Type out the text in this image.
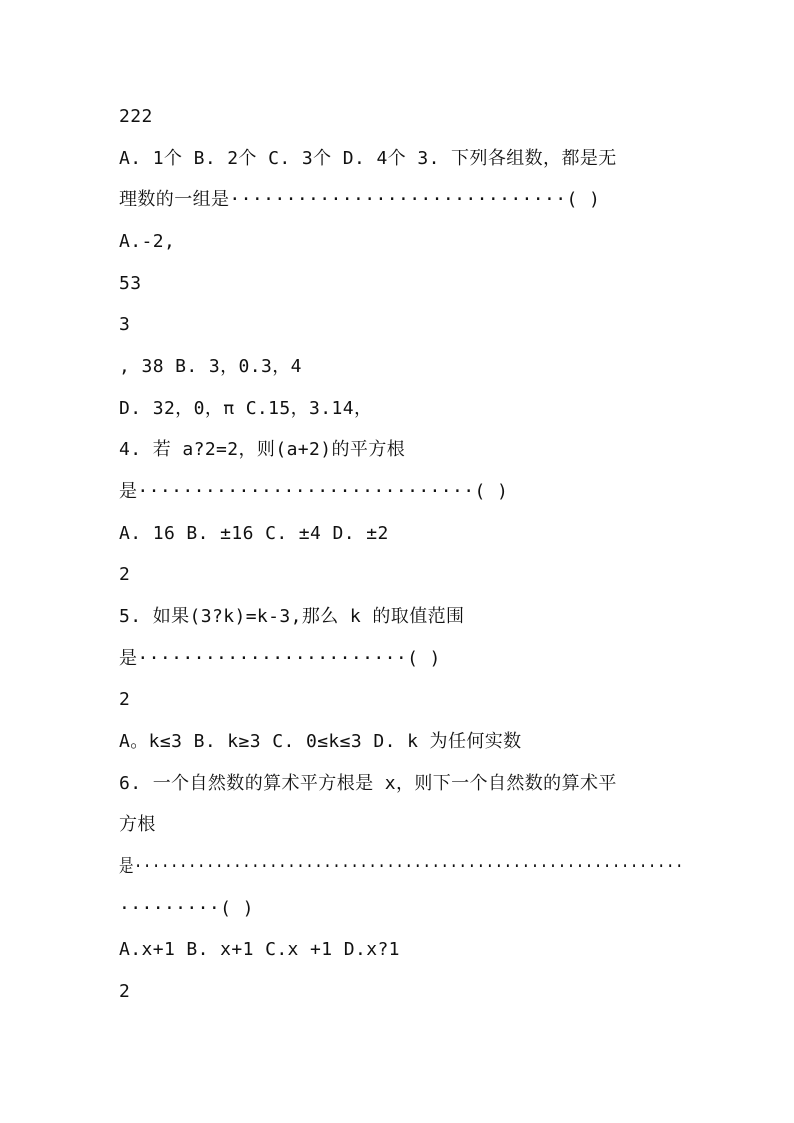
222
A. 1个 B. 2个 C. 3个 D. 4个 3. 下列各组数，都是无
理数的一组是······························( )
A.-2,
53
3
, 38 B. 3，0.3，4
D. 32，0，π C.15，3.14，
4. 若 a?2=2，则(a+2)的平方根
是······························( )
A. 16 B. ±16 C. ±4 D. ±2
2
5. 如果(3?k)=k-3,那么 k 的取值范围
是························( )
2
A。k≤3 B. k≥3 C. 0≤k≤3 D. k 为任何实数
6. 一个自然数的算术平方根是 x，则下一个自然数的算术平
方根
是·····························································
·········( )
A.x+1 B. x+1 C.x +1 D.x?1
2
